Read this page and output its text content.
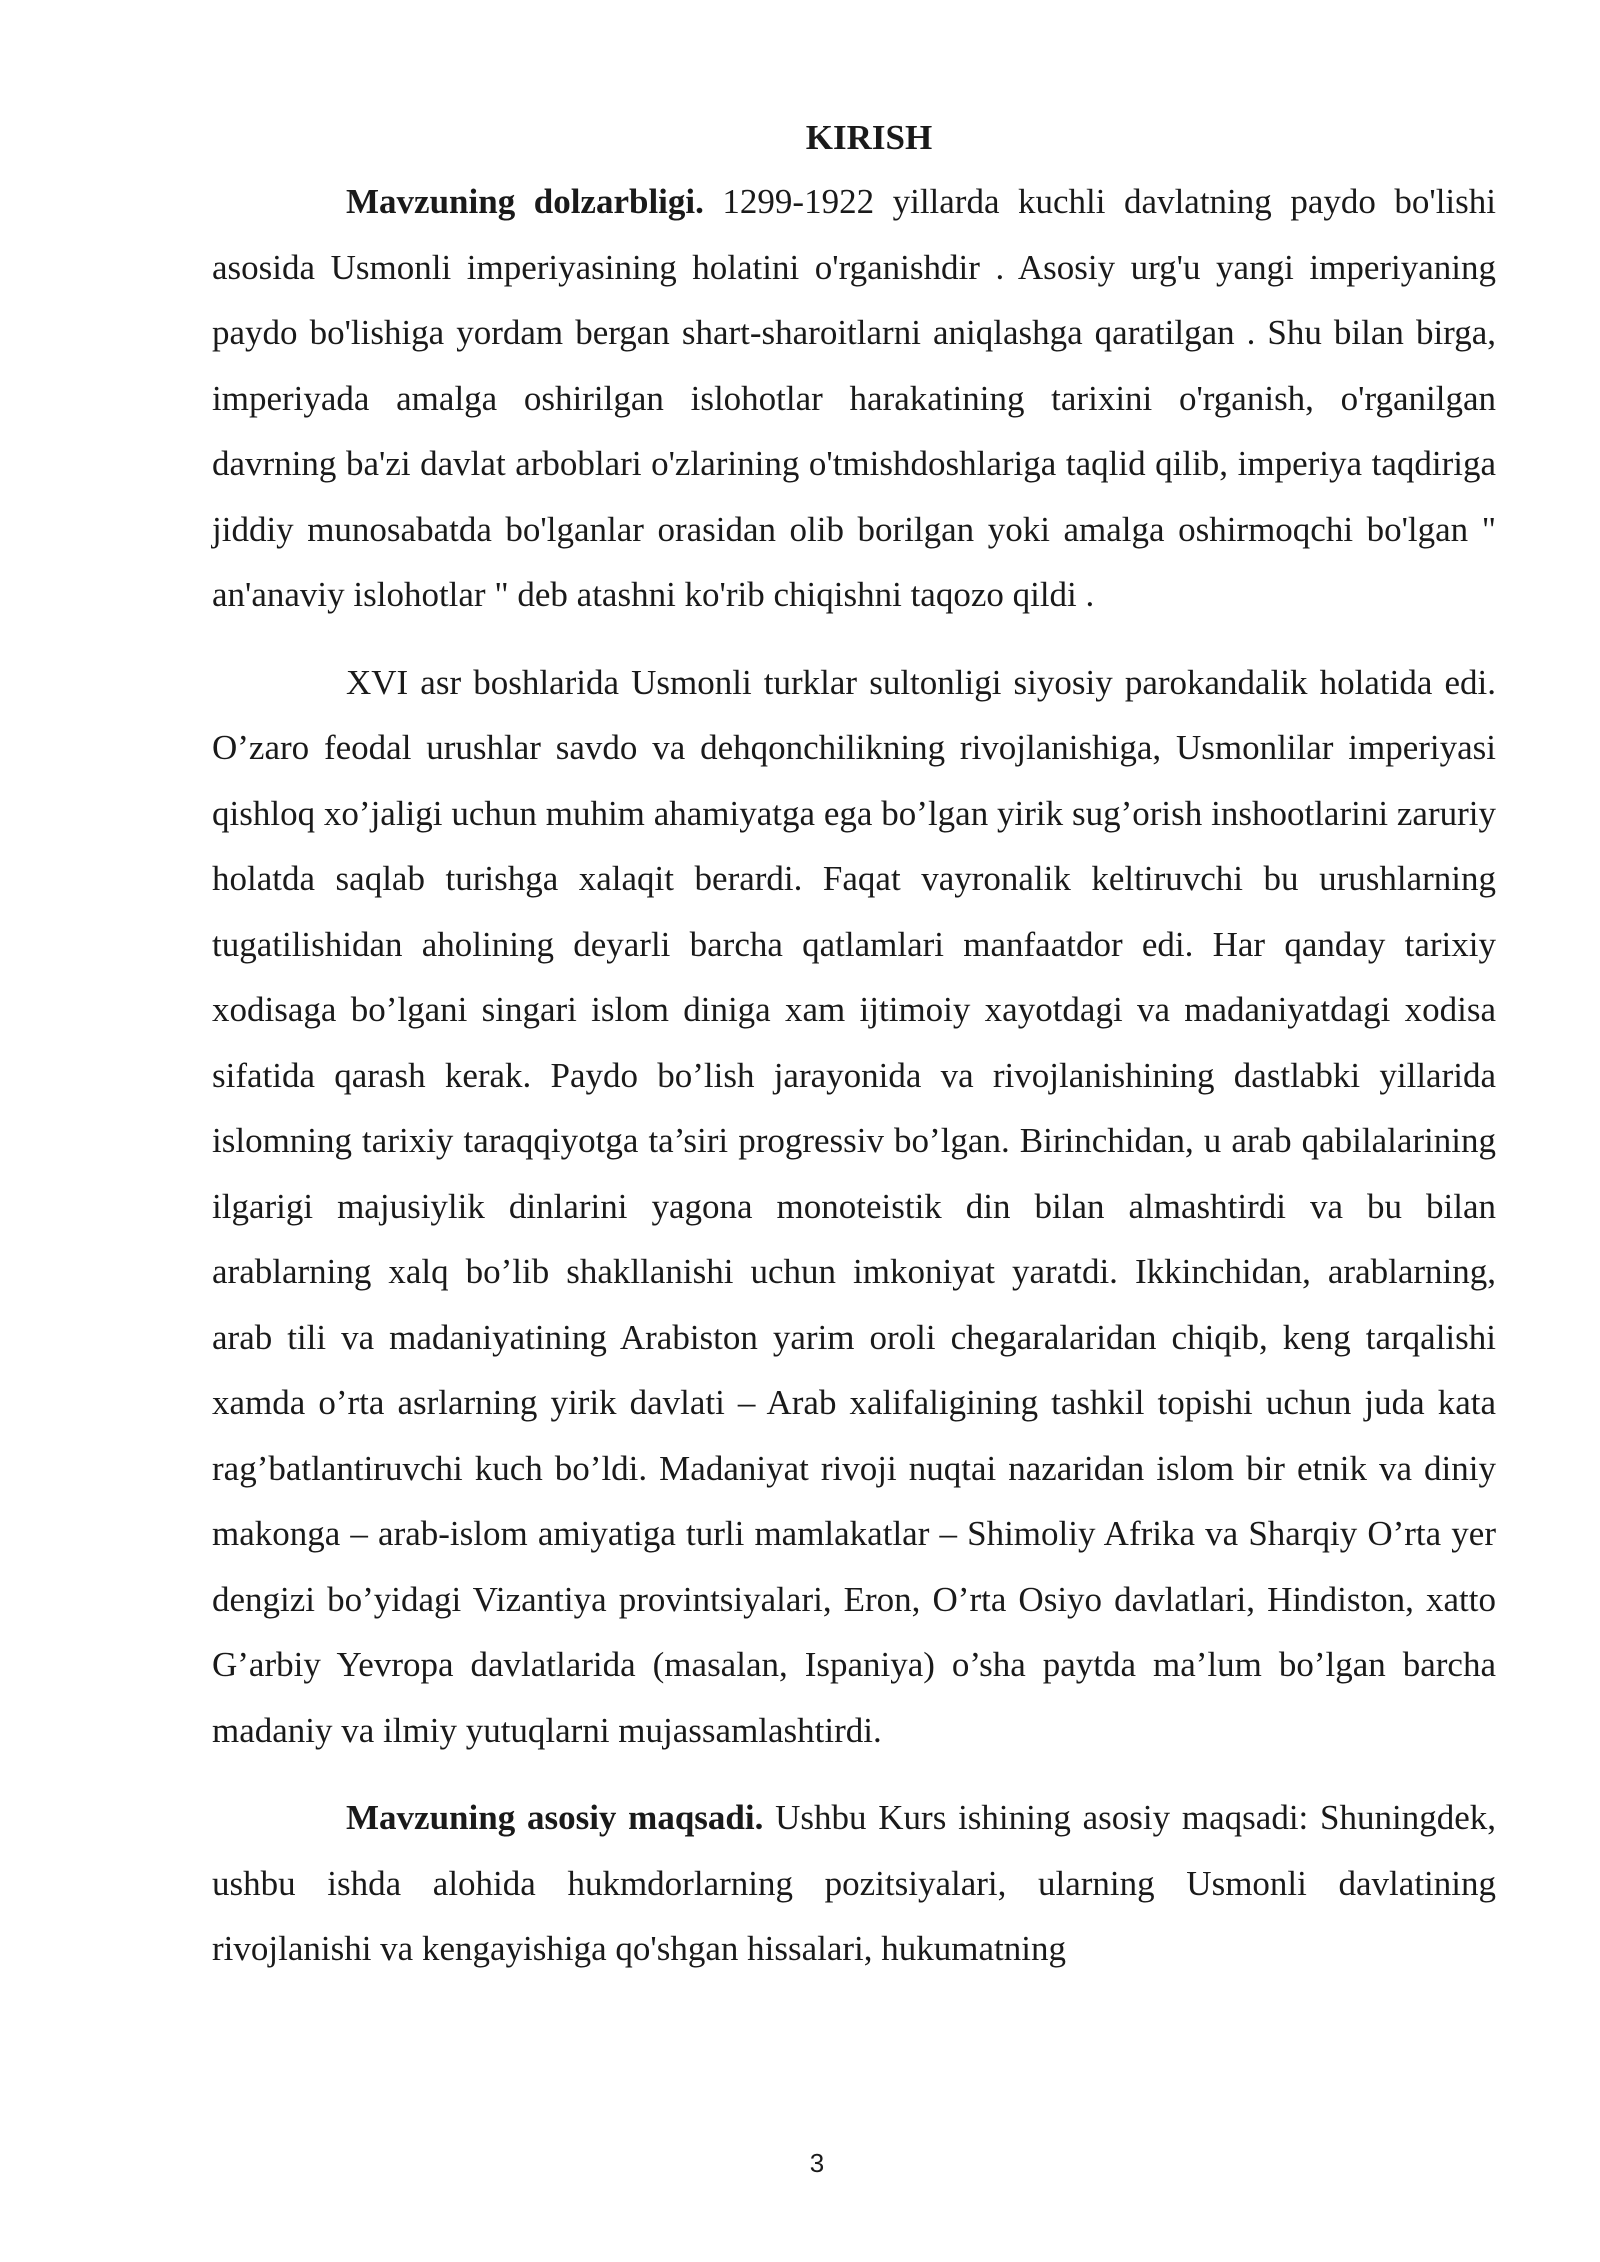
KIRISH

Mavzuning dolzarbligi. 1299-1922 yillarda kuchli davlatning paydo bo'lishi asosida Usmonli imperiyasining holatini o'rganishdir . Asosiy urg'u yangi imperiyaning paydo bo'lishiga yordam bergan shart-sharoitlarni aniqlashga qaratilgan . Shu bilan birga, imperiyada amalga oshirilgan islohotlar harakatining tarixini o'rganish, o'rganilgan davrning ba'zi davlat arboblari o'zlarining o'tmishdoshlariga taqlid qilib, imperiya taqdiriga jiddiy munosabatda bo'lganlar orasidan olib borilgan yoki amalga oshirmoqchi bo'lgan " an'anaviy islohotlar " deb atashni ko'rib chiqishni taqozo qildi .

XVI asr boshlarida Usmonli turklar sultonligi siyosiy parokandalik holatida edi. O’zaro feodal urushlar savdo va dehqonchilikning rivojlanishiga, Usmonlilar imperiyasi qishloq xo’jaligi uchun muhim ahamiyatga ega bo’lgan yirik sug’orish inshootlarini zaruriy holatda saqlab turishga xalaqit berardi. Faqat vayronalik keltiruvchi bu urushlarning tugatilishidan aholining deyarli barcha qatlamlari manfaatdor edi. Har qanday tarixiy xodisaga bo’lgani singari islom diniga xam ijtimoiy xayotdagi va madaniyatdagi xodisa sifatida qarash kerak. Paydo bo’lish jarayonida va rivojlanishining dastlabki yillarida islomning tarixiy taraqqiyotga ta’siri progressiv bo’lgan. Birinchidan, u arab qabilalarining ilgarigi majusiylik dinlarini yagona monoteistik din bilan almashtirdi va bu bilan arablarning xalq bo’lib shakllanishi uchun imkoniyat yaratdi. Ikkinchidan, arablarning, arab tili va madaniyatining Arabiston yarim oroli chegaralaridan chiqib, keng tarqalishi xamda o’rta asrlarning yirik davlati – Arab xalifaligining tashkil topishi uchun juda kata rag’batlantiruvchi kuch bo’ldi. Madaniyat rivoji nuqtai nazaridan islom bir etnik va diniy makonga – arab-islom amiyatiga turli mamlakatlar – Shimoliy Afrika va Sharqiy O’rta yer dengizi bo’yidagi Vizantiya provintsiyalari, Eron, O’rta Osiyo davlatlari, Hindiston, xatto G’arbiy Yevropa davlatlarida (masalan, Ispaniya) o’sha paytda ma’lum bo’lgan barcha madaniy va ilmiy yutuqlarni mujassamlashtirdi.

Mavzuning asosiy maqsadi. Ushbu Kurs ishining asosiy maqsadi: Shuningdek, ushbu ishda alohida hukmdorlarning pozitsiyalari, ularning Usmonli davlatining rivojlanishi va kengayishiga qo'shgan hissalari, hukumatning

3
